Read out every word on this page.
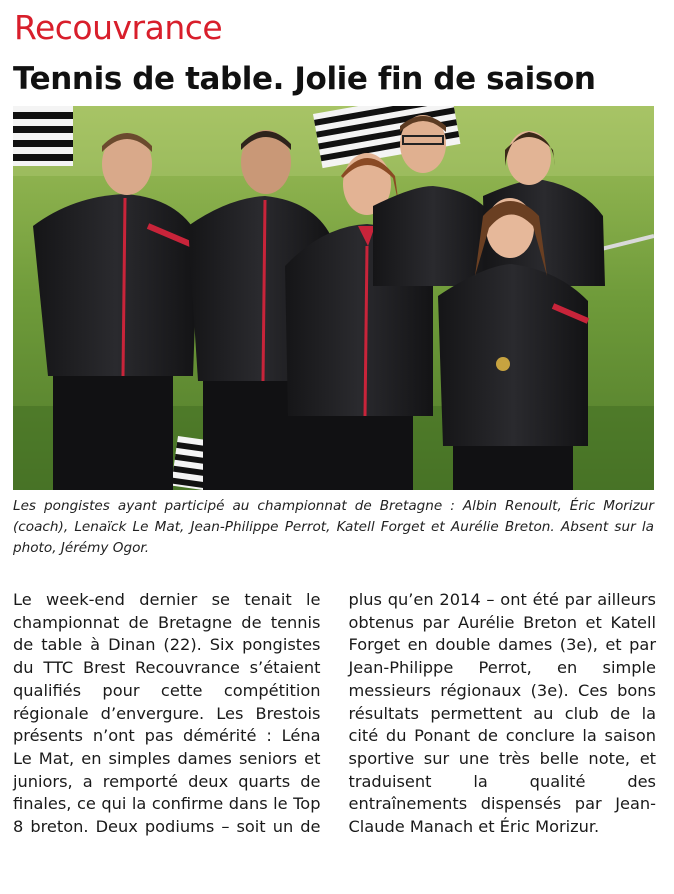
Recouvrance
Tennis de table. Jolie fin de saison

Les pongistes ayant participé au championnat de Bretagne : Albin Renoult, Éric Morizur (coach), Lenaïck Le Mat, Jean-Philippe Perrot, Katell Forget et Aurélie Breton. Absent sur la photo, Jérémy Ogor.

Le week-end dernier se tenait le championnat de Bretagne de tennis de table à Dinan (22). Six pongistes du TTC Brest Recouvrance s’étaient qualifiés pour cette compétition régionale d’envergure. Les Brestois présents n’ont pas démérité : Léna Le Mat, en simples dames seniors et juniors, a remporté deux quarts de finales, ce qui la confirme dans le Top 8 breton. Deux podiums – soit un de plus qu’en 2014 – ont été par ailleurs obtenus par Aurélie Breton et Katell Forget en double dames (3e), et par Jean-Philippe Perrot, en simple messieurs régionaux (3e). Ces bons résultats permettent au club de la cité du Ponant de conclure la saison sportive sur une très belle note, et traduisent la qualité des entraînements dispensés par Jean-Claude Manach et Éric Morizur.
